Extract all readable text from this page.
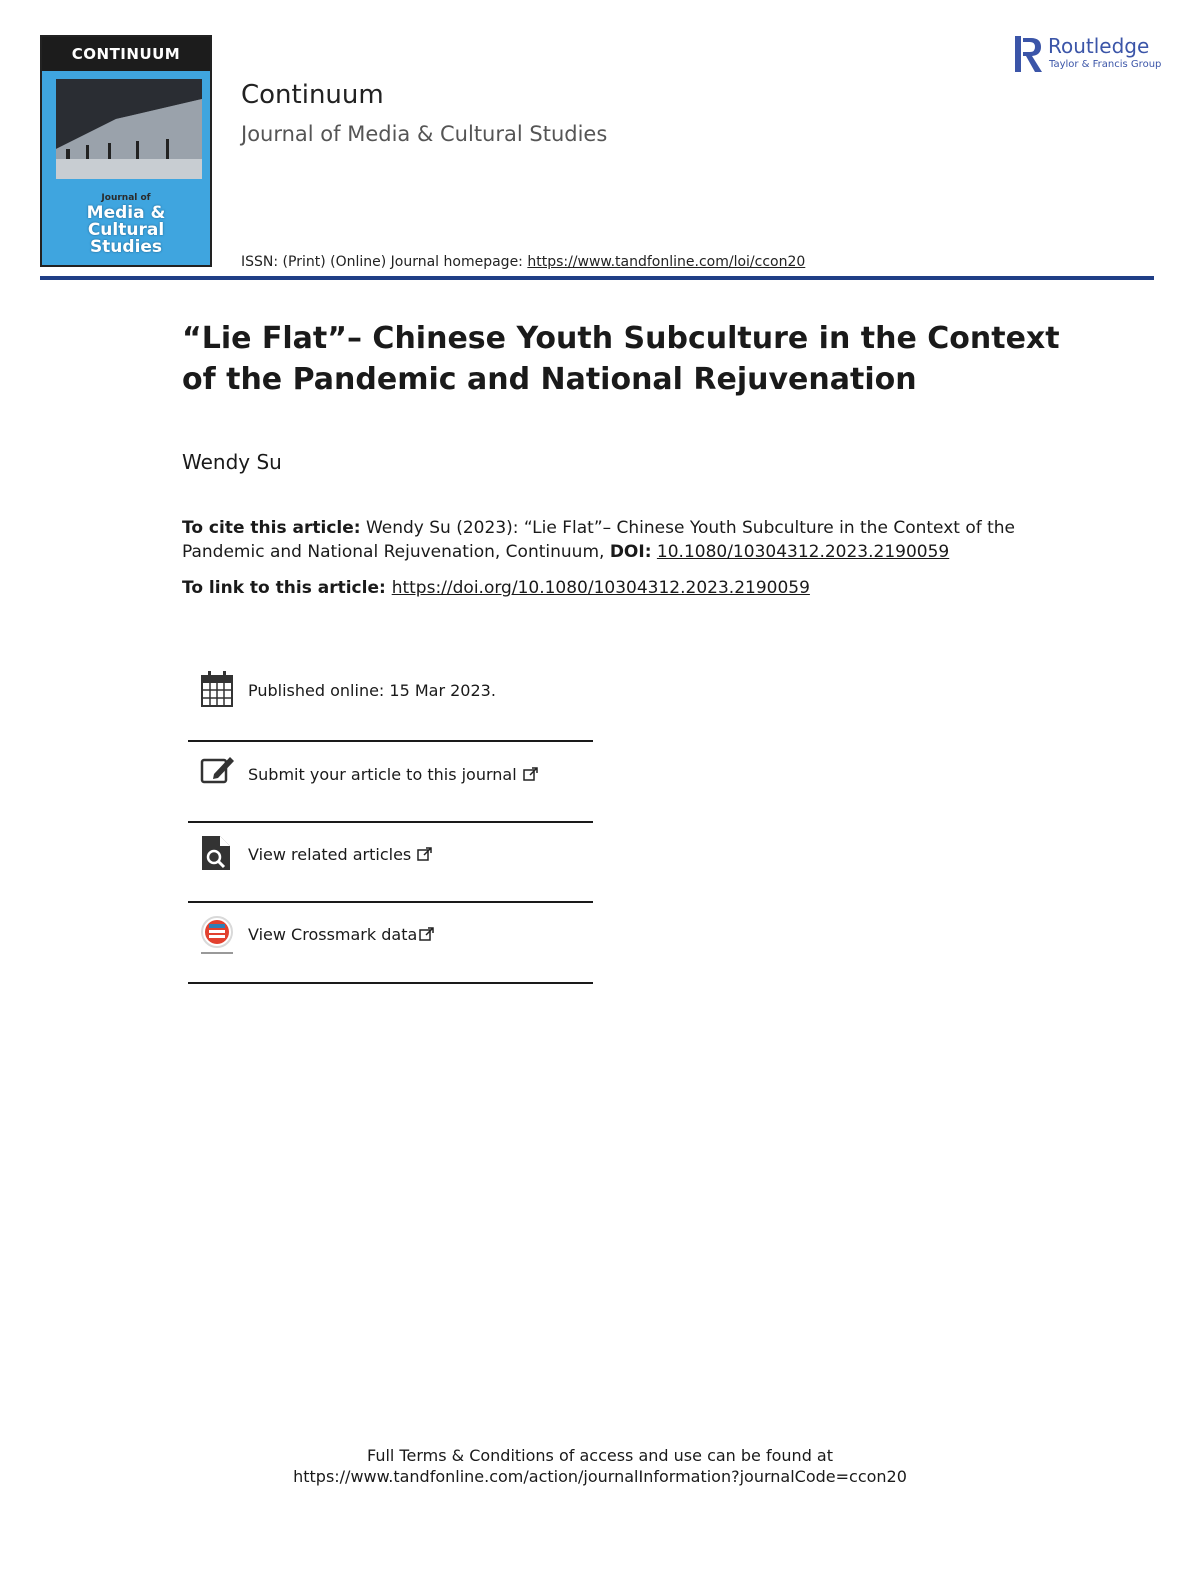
CONTINUUM
Journal of
Media &
Cultural
Studies
Continuum
Journal of Media & Cultural Studies
ISSN: (Print) (Online) Journal homepage: https://www.tandfonline.com/loi/ccon20
Routledge
Taylor & Francis Group
“Lie Flat”– Chinese Youth Subculture in the Context
of the Pandemic and National Rejuvenation
Wendy Su
To cite this article: Wendy Su (2023): “Lie Flat”– Chinese Youth Subculture in the Context of the
Pandemic and National Rejuvenation, Continuum, DOI: 10.1080/10304312.2023.2190059
To link to this article: https://doi.org/10.1080/10304312.2023.2190059
Published online: 15 Mar 2023.
Submit your article to this journal
View related articles
View Crossmark data
Full Terms & Conditions of access and use can be found at
https://www.tandfonline.com/action/journalInformation?journalCode=ccon20
